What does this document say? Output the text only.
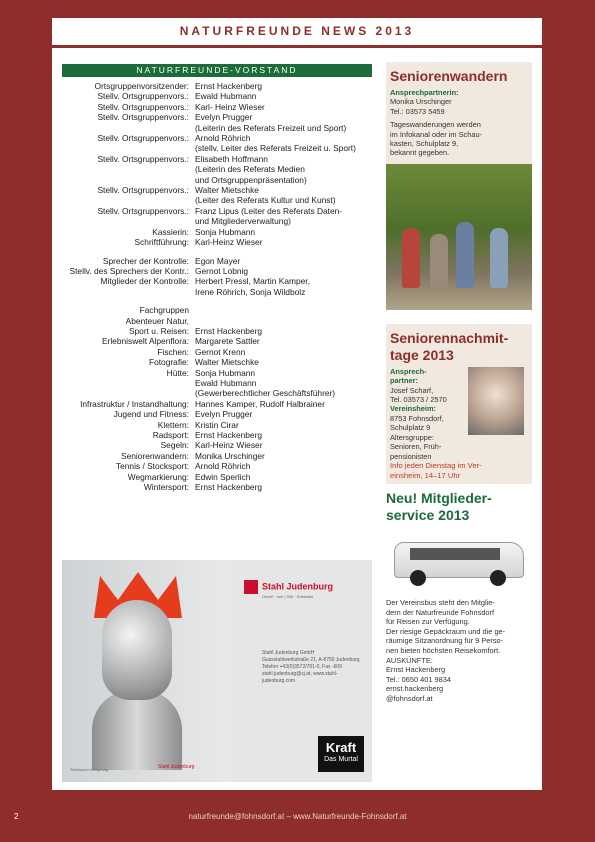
NATURFREUNDE NEWS 2013
NATURFREUNDE-VORSTAND
Ortsgruppenvorsitzender: Ernst Hackenberg
Stellv. Ortsgruppenvors.: Ewald Hubmann
Stellv. Ortsgruppenvors.: Karl- Heinz Wieser
Stellv. Ortsgruppenvors.: Evelyn Prugger
(Leiterin des Referats Freizeit und Sport)
Stellv. Ortsgruppenvors.: Arnold Röhrich
(stellv. Leiter des Referats Freizeit u. Sport)
Stellv. Ortsgruppenvors.: Elisabeth Hoffmann
(Leiterin des Referats Medien
und Ortsgruppenpräsentation)
Stellv. Ortsgruppenvors.: Walter Mietschke
(Leiter des Referats Kultur und Kunst)
Stellv. Ortsgruppenvors.: Franz Lipus (Leiter des Referats Daten-
und Mitgliederverwaltung)
Kassierin: Sonja Hubmann
Schriftführung: Karl-Heinz Wieser
Sprecher der Kontrolle: Egon Mayer
Stellv. des Sprechers der Kontr.: Gernot Lobnig
Mitglieder der Kontrolle: Herbert Pressl, Martin Kamper,
Irene Röhrich, Sonja Wildbolz
Fachgruppen
Abenteuer Natur,
Sport u. Reisen: Ernst Hackenberg
Erlebniswelt Alpenflora: Margarete Sattler
Fischen: Gernot Krenn
Fotografie: Walter Mietschke
Hütte: Sonja Hubmann
Ewald Hubmann
(Gewerberechtlicher Geschäftsführer)
Infrastruktur / Instandhaltung: Hannes Kamper, Rudolf Halbrainer
Jugend und Fitness: Evelyn Prugger
Klettern: Kristin Cirar
Radsport: Ernst Hackenberg
Segeln: Karl-Heinz Wieser
Seniorenwandern: Monika Urschinger
Tennis / Stocksport: Arnold Röhrich
Wegmarkierung: Edwin Sperlich
Wintersport: Ernst Hackenberg
Steirischer Vorsprung
Stahl Judenburg
GmbH · seit | 906 · Edelstahl
Stahl Judenburg GmbH
Gussstahlwerkstraße 21, A-8750 Judenburg
Telefon +43(0)3572/701-0, Fax -609
stahl.judenburg@sj.at, www.stahl-judenburg.com
Stahl Judenburg
Kraft
Das Murtal
Seniorenwandern
Ansprechpartnerin:
Monika Urschinger
Tel.: 03573 5459
Tageswanderungen werden
im Infokanal oder im Schau-
kasten, Schulplatz 9,
bekannt gegeben.
Seniorennachmit-tage 2013
Ansprech-
partner:
Josef Scharf,
Tel. 03573 / 2570
Vereinsheim:
8753 Fohnsdorf, Schulplatz 9
Altersgruppe: Senioren, Früh-
pensionisten
Info jeden Dienstag im Ver-
einsheim, 14–17 Uhr
Neu! Mitglieder-service 2013
Der Vereinsbus steht den Mitglie-
dern der Naturfreunde Fohnsdorf
für Reisen zur Verfügung.
Der riesige Gepäckraum und die ge-
räumige Sitzanordnung für 9 Perso-
nen bieten höchsten Reisekomfort.
AUSKÜNFTE:
Ernst Hackenberg
Tel.: 0650 401 9834
ernst.hackenberg
@fohnsdorf.at
2	naturfreunde@fohnsdorf.at – www.Naturfreunde-Fohnsdorf.at
